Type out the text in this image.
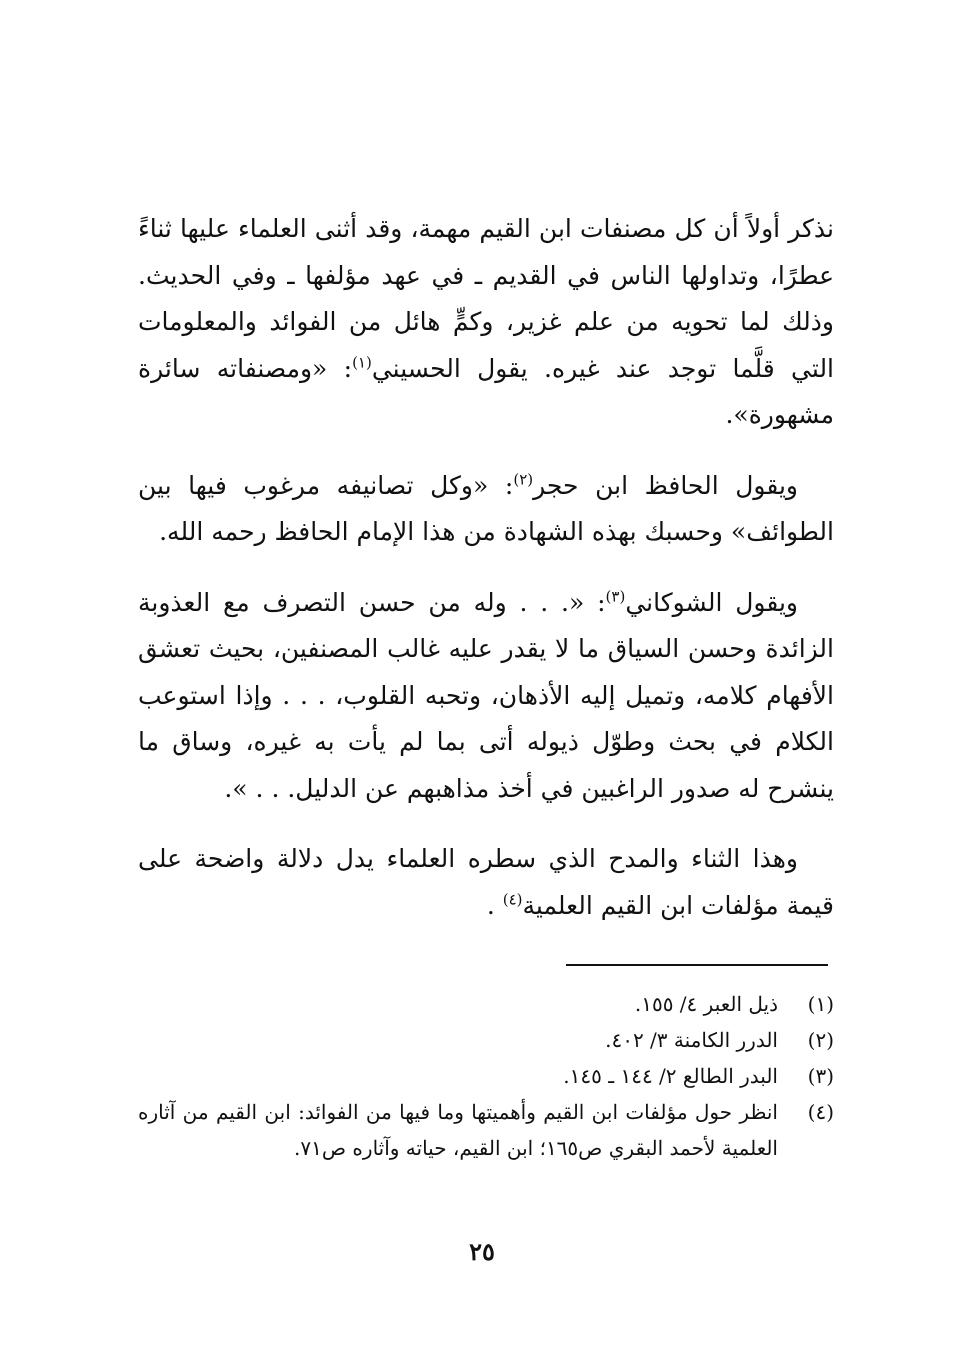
نذكر أولاً أن كل مصنفات ابن القيم مهمة، وقد أثنى العلماء عليها ثناءً عطرًا، وتداولها الناس في القديم ـ في عهد مؤلفها ـ وفي الحديث. وذلك لما تحويه من علم غزير، وكمٍّ هائل من الفوائد والمعلومات التي قلَّما توجد عند غيره. يقول الحسيني$^{(١)}$: «ومصنفاته سائرة مشهورة».

ويقول الحافظ ابن حجر$^{(٢)}$: «وكل تصانيفه مرغوب فيها بين الطوائف» وحسبك بهذه الشهادة من هذا الإمام الحافظ رحمه الله.

ويقول الشوكاني$^{(٣)}$: «. . . وله من حسن التصرف مع العذوبة الزائدة وحسن السياق ما لا يقدر عليه غالب المصنفين، بحيث تعشق الأفهام كلامه، وتميل إليه الأذهان، وتحبه القلوب، . . . وإذا استوعب الكلام في بحث وطوّل ذيوله أتى بما لم يأت به غيره، وساق ما ينشرح له صدور الراغبين في أخذ مذاهبهم عن الدليل. . . ».

وهذا الثناء والمدح الذي سطره العلماء يدل دلالة واضحة على قيمة مؤلفات ابن القيم العلمية$^{(٤)}$ .

(١)
ذيل العبر ٤/ ١٥٥.
(٢)
الدرر الكامنة ٣/ ٤٠٢.
(٣)
البدر الطالع ٢/ ١٤٤ ـ ١٤٥.
(٤)
انظر حول مؤلفات ابن القيم وأهميتها وما فيها من الفوائد: ابن القيم من آثاره العلمية لأحمد البقري ص١٦٥؛ ابن القيم، حياته وآثاره ص٧١.
٢٥
